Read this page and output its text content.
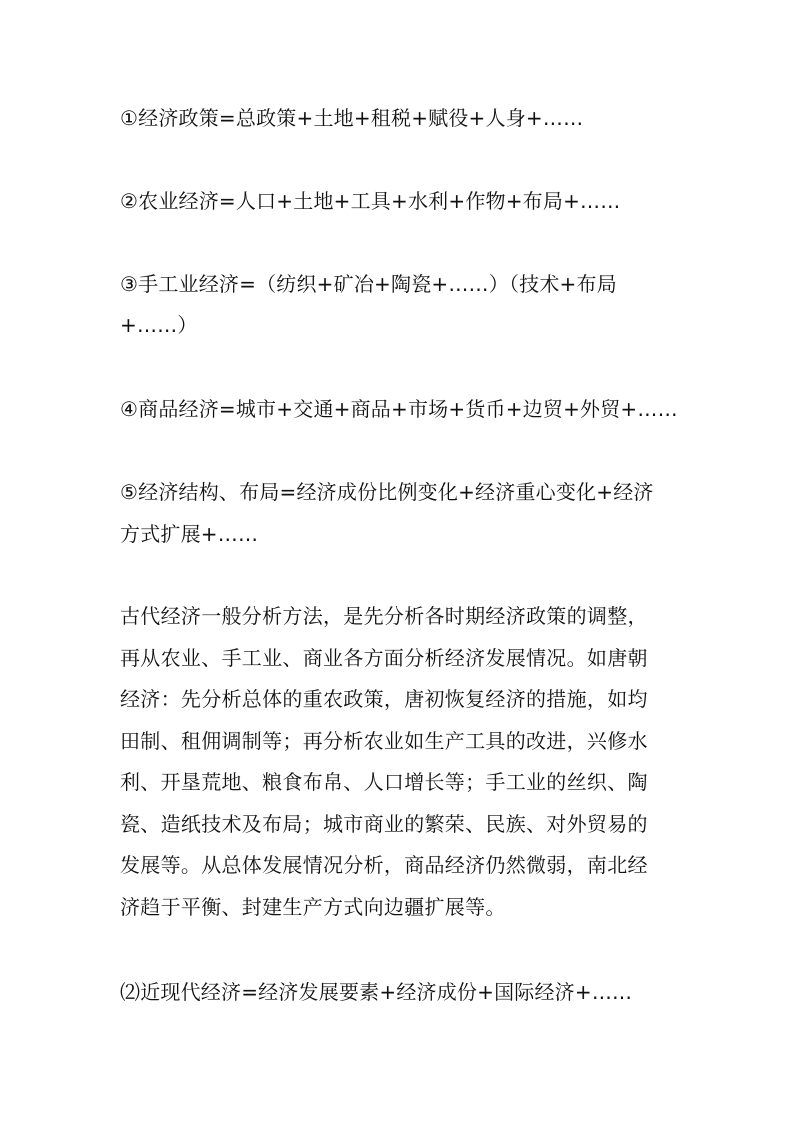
①经济政策=总政策+土地+租税+赋役+人身+……
②农业经济=人口+土地+工具+水利+作物+布局+……
③手工业经济=（纺织+矿冶+陶瓷+……）（技术+布局
+……）
④商品经济=城市+交通+商品+市场+货币+边贸+外贸+……
⑤经济结构、布局=经济成份比例变化+经济重心变化+经济
方式扩展+……
古代经济一般分析方法，是先分析各时期经济政策的调整，
再从农业、手工业、商业各方面分析经济发展情况。如唐朝
经济：先分析总体的重农政策，唐初恢复经济的措施，如均
田制、租佣调制等；再分析农业如生产工具的改进，兴修水
利、开垦荒地、粮食布帛、人口增长等；手工业的丝织、陶
瓷、造纸技术及布局；城市商业的繁荣、民族、对外贸易的
发展等。从总体发展情况分析，商品经济仍然微弱，南北经
济趋于平衡、封建生产方式向边疆扩展等。
⑵近现代经济=经济发展要素+经济成份+国际经济+……
